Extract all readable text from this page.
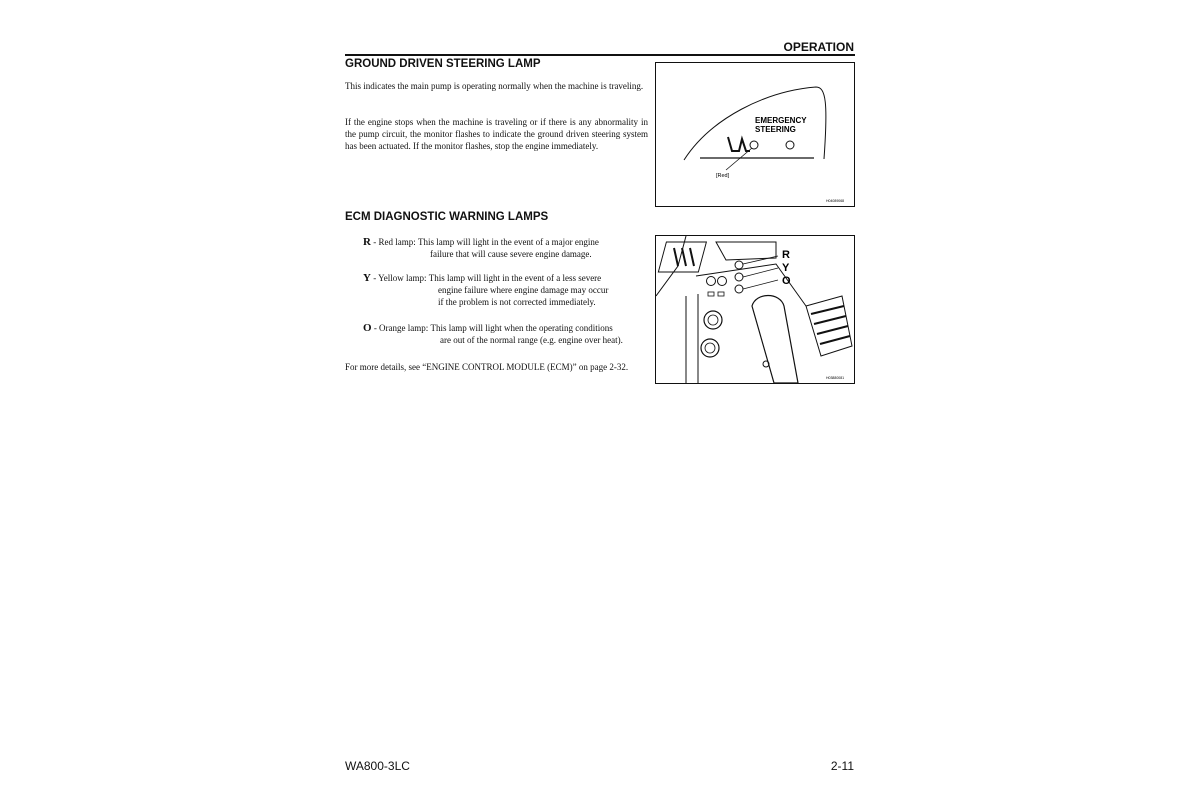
OPERATION
GROUND DRIVEN STEERING LAMP

This indicates the main pump is operating normally when the machine is traveling.

If the engine stops when the machine is traveling or if there is any abnormality in the pump circuit, the monitor flashes to indicate the ground driven steering system has been actuated. If the monitor flashes, stop the engine immediately.

EMERGENCY
STEERING
[Red]
H04089068
ECM DIAGNOSTIC WARNING LAMPS
R - Red lamp: This lamp will light in the event of a major engine
failure that will cause severe engine damage.
Y - Yellow lamp: This lamp will light in the event of a less severe
engine failure where engine damage may occur
if the problem is not corrected immediately.
O - Orange lamp: This lamp will light when the operating conditions
are out of the normal range (e.g. engine over heat).

For more details, see “ENGINE CONTROL MODULE (ECM)” on page 2-32.

R
Y
O
H03880081
WA800-3LC	2-11
